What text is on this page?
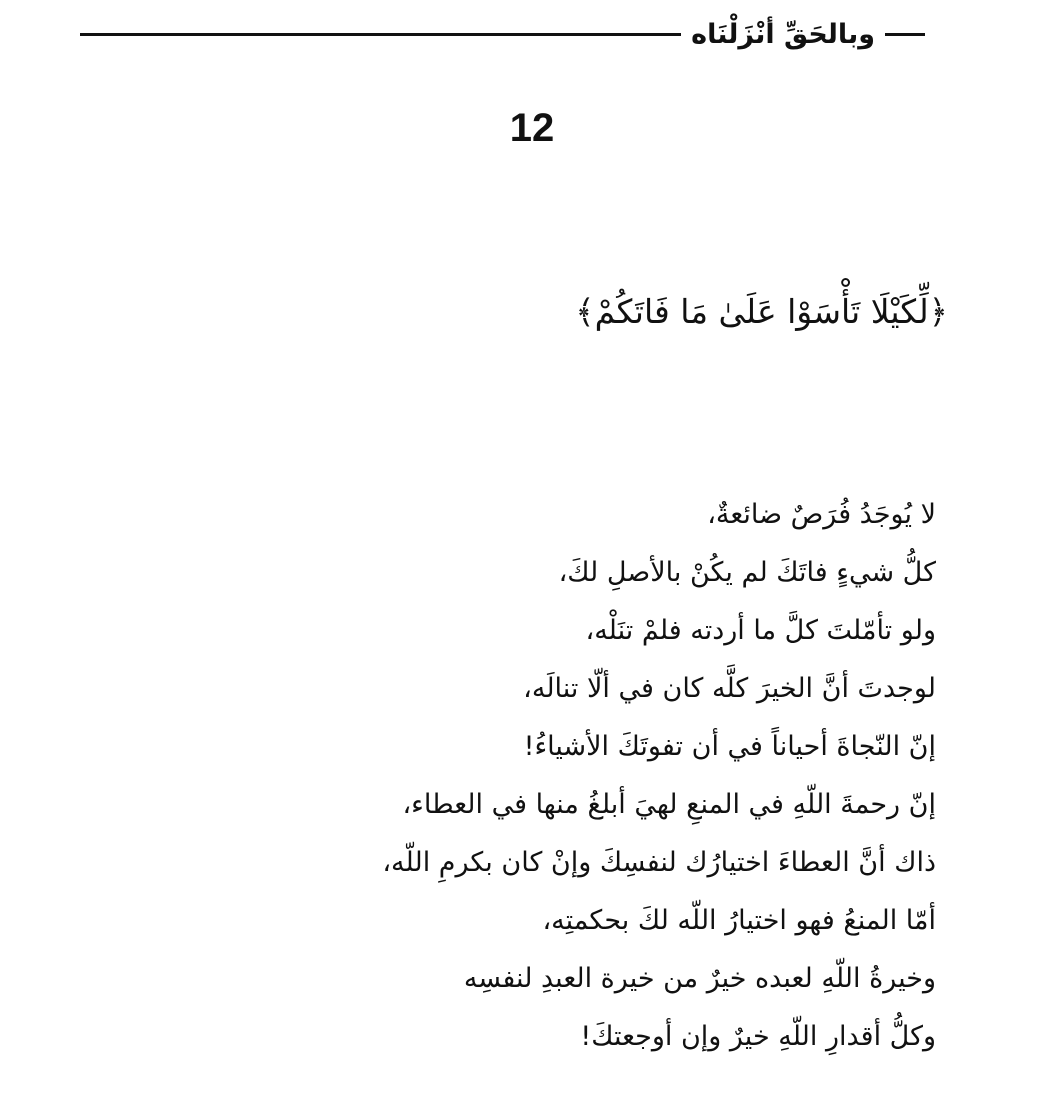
وبالحَقِّ أنْزَلْنَاه
12
﴿لِّكَيْلَا تَأْسَوْا عَلَىٰ مَا فَاتَكُمْ﴾
لا يُوجَدُ فُرَصٌ ضائعةٌ،
كلُّ شيءٍ فاتَكَ لم يكُنْ بالأصلِ لكَ،
ولو تأمّلتَ كلَّ ما أردته فلمْ تنَلْه،
لوجدتَ أنَّ الخيرَ كلَّه كان في ألّا تنالَه،
إنّ النّجاةَ أحياناً في أن تفوتَكَ الأشياءُ!
إنّ رحمةَ اللّهِ في المنعِ لهيَ أبلغُ منها في العطاء،
ذاك أنَّ العطاءَ اختيارُك لنفسِكَ وإنْ كان بكرمِ اللّه،
أمّا المنعُ فهو اختيارُ اللّه لكَ بحكمتِه،
وخيرةُ اللّهِ لعبده خيرٌ من خيرة العبدِ لنفسِه
وكلُّ أقدارِ اللّهِ خيرٌ وإن أوجعتكَ!
